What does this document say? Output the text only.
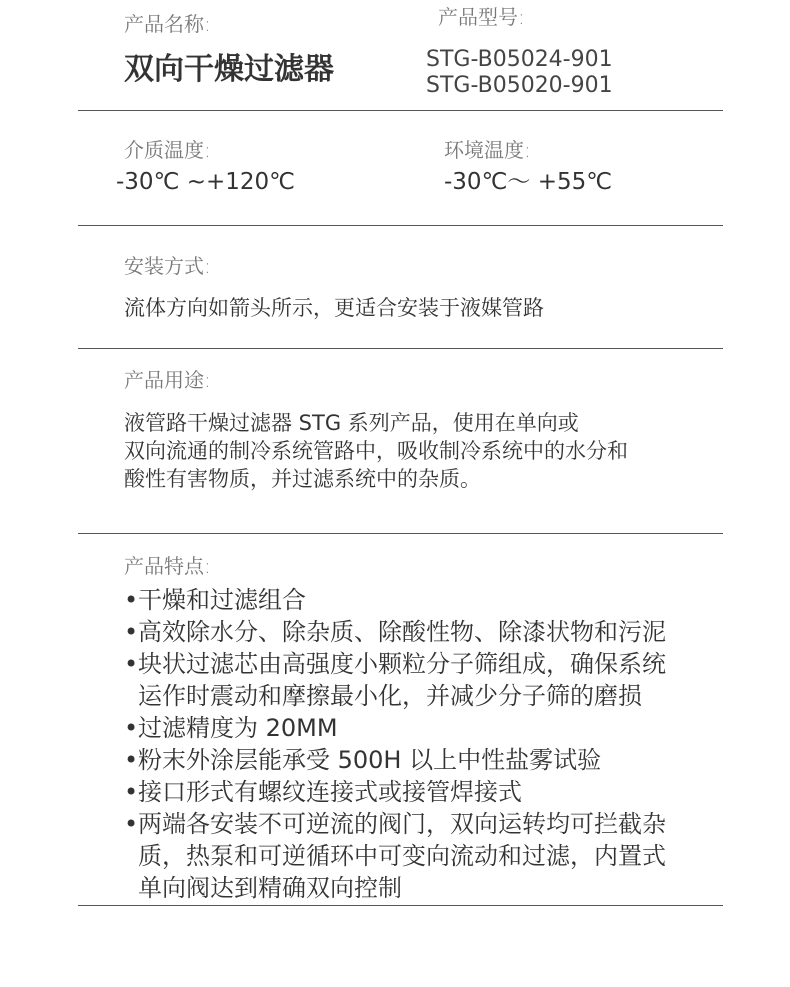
产品名称:
双向干燥过滤器
产品型号:
STG-B05024-901
STG-B05020-901
介质温度:
-30℃ ~+120℃
环境温度:
-30℃～ +55℃
安装方式:
流体方向如箭头所示，更适合安装于液媒管路
产品用途:
液管路干燥过滤器 STG 系列产品，使用在单向或
双向流通的制冷系统管路中，吸收制冷系统中的水分和
酸性有害物质，并过滤系统中的杂质。
产品特点:
• 干燥和过滤组合
• 高效除水分、除杂质、除酸性物、除漆状物和污泥
• 块状过滤芯由高强度小颗粒分子筛组成，确保系统
运作时震动和摩擦最小化，并减少分子筛的磨损
• 过滤精度为 20MM
• 粉末外涂层能承受 500H 以上中性盐雾试验
• 接口形式有螺纹连接式或接管焊接式
• 两端各安装不可逆流的阀门，双向运转均可拦截杂
质，热泵和可逆循环中可变向流动和过滤，内置式
单向阀达到精确双向控制
